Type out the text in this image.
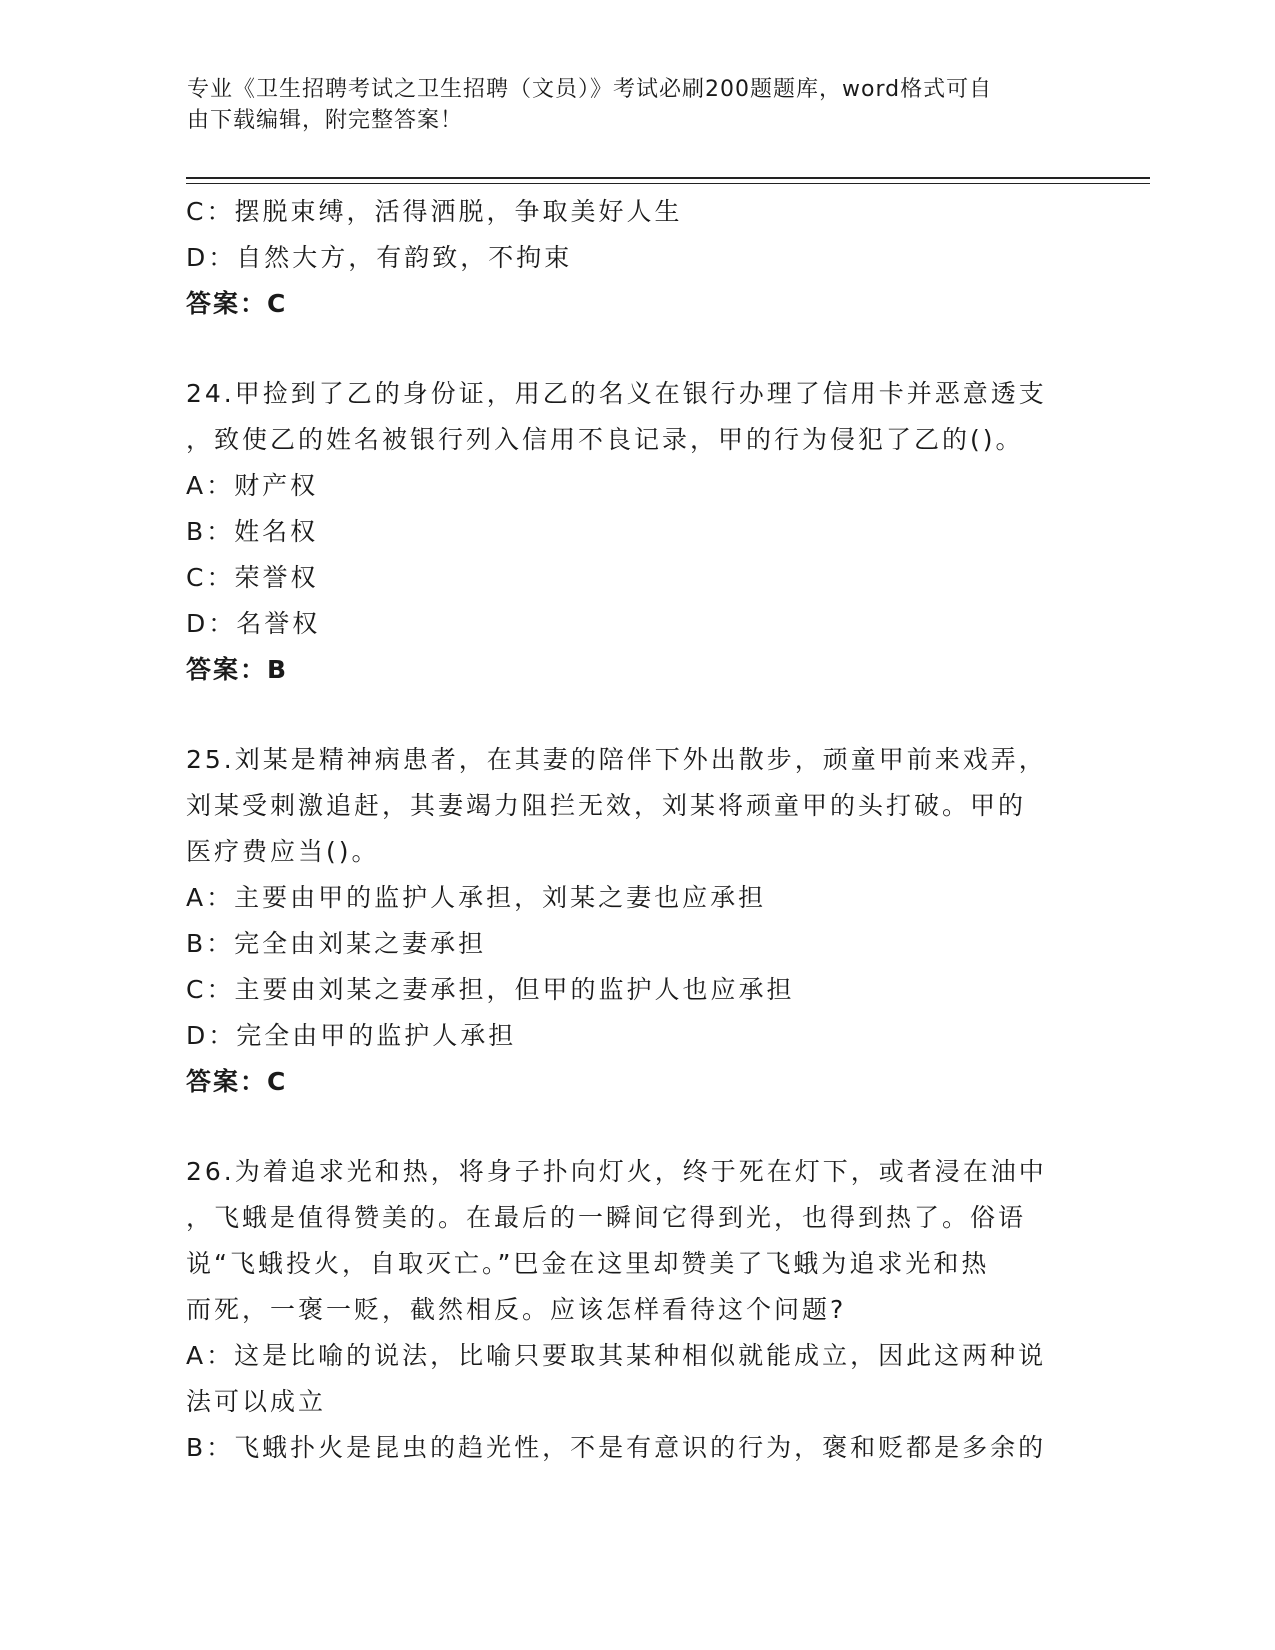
专业《卫生招聘考试之卫生招聘（文员）》考试必刷200题题库，word格式可自
由下载编辑，附完整答案！
C：摆脱束缚，活得洒脱，争取美好人生
D：自然大方，有韵致，不拘束
答案：C
24.甲捡到了乙的身份证，用乙的名义在银行办理了信用卡并恶意透支
，致使乙的姓名被银行列入信用不良记录，甲的行为侵犯了乙的()。
A：财产权
B：姓名权
C：荣誉权
D：名誉权
答案：B
25.刘某是精神病患者，在其妻的陪伴下外出散步，顽童甲前来戏弄，
刘某受刺激追赶，其妻竭力阻拦无效，刘某将顽童甲的头打破。甲的
医疗费应当()。
A：主要由甲的监护人承担，刘某之妻也应承担
B：完全由刘某之妻承担
C：主要由刘某之妻承担，但甲的监护人也应承担
D：完全由甲的监护人承担
答案：C
26.为着追求光和热，将身子扑向灯火，终于死在灯下，或者浸在油中
，飞蛾是值得赞美的。在最后的一瞬间它得到光，也得到热了。俗语
说“飞蛾投火，自取灭亡。”巴金在这里却赞美了飞蛾为追求光和热
而死，一褒一贬，截然相反。应该怎样看待这个问题?
A：这是比喻的说法，比喻只要取其某种相似就能成立，因此这两种说
法可以成立
B：飞蛾扑火是昆虫的趋光性，不是有意识的行为，褒和贬都是多余的
